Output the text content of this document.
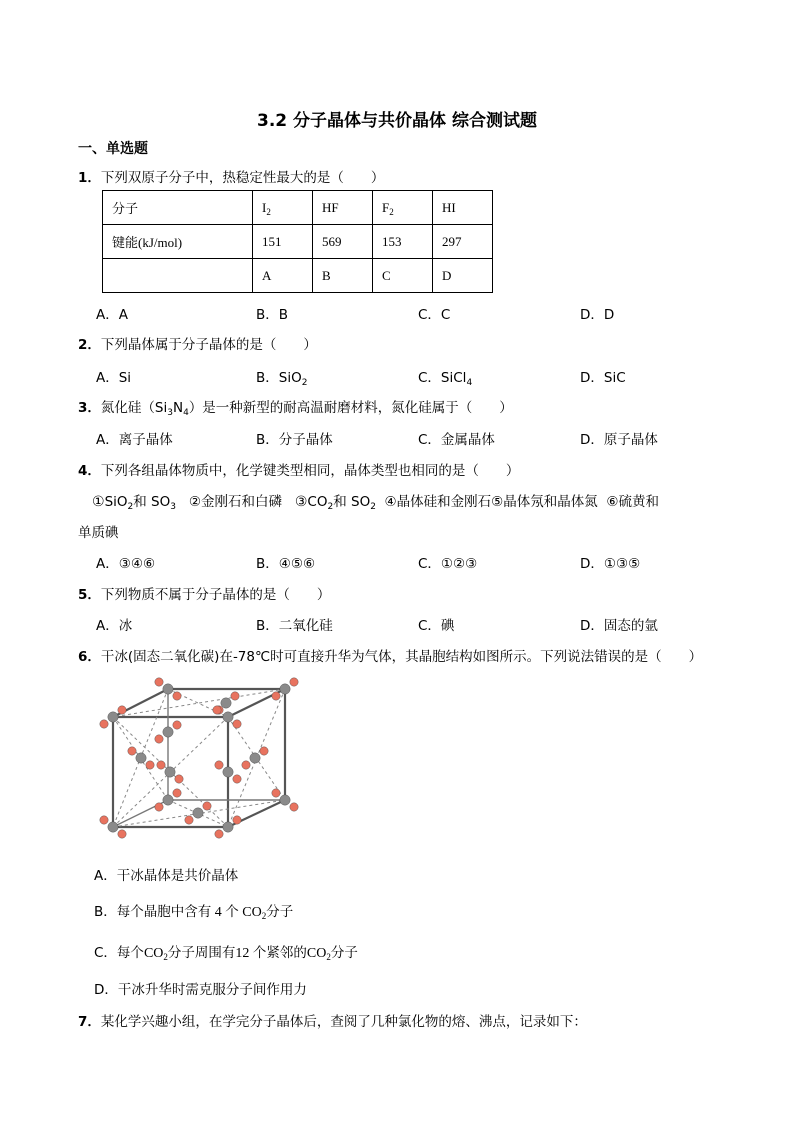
3.2 分子晶体与共价晶体 综合测试题
一、单选题
1．下列双原子分子中，热稳定性最大的是（　　）
分子	$I_2$	HF	$F_2$	HI
键能(kJ/mol)	151	569	153	297
	A	B	C	D
A．A	B．B	C．C	D．D
2．下列晶体属于分子晶体的是（　　）
A．Si	B．SiO$_2$	C．SiCl$_4$	D．SiC
3．氮化硅$(Si_3N_4)$是一种新型的耐高温耐磨材料，氮化硅属于（　　）
A．离子晶体	B．分子晶体	C．金属晶体	D．原子晶体
4．下列各组晶体物质中，化学键类型相同，晶体类型也相同的是（　　）
①SiO$_2$和 $SO_3$ ②金刚石和白磷 $③CO_2$和 $SO_2$ ④晶体硅和金刚石⑤晶体氖和晶体氮 ⑥硫黄和
单质碘
A．③④⑥	B．④⑤⑥	C．①②③	D．①③⑤
5．下列物质不属于分子晶体的是（　　）
A．冰	B．二氧化硅	C．碘	D．固态的氩
6．干冰(固态二氧化碳)在-78℃时可直接升华为气体，其晶胞结构如图所示。下列说法错误的是（　　）
A．干冰晶体是共价晶体
B．每个晶胞中含有 4 个 $CO_2$分子
C．每个$CO_2$分子周围有12 个紧邻的$CO_2$分子
D．干冰升华时需克服分子间作用力
7．某化学兴趣小组，在学完分子晶体后，查阅了几种氯化物的熔、沸点，记录如下：
